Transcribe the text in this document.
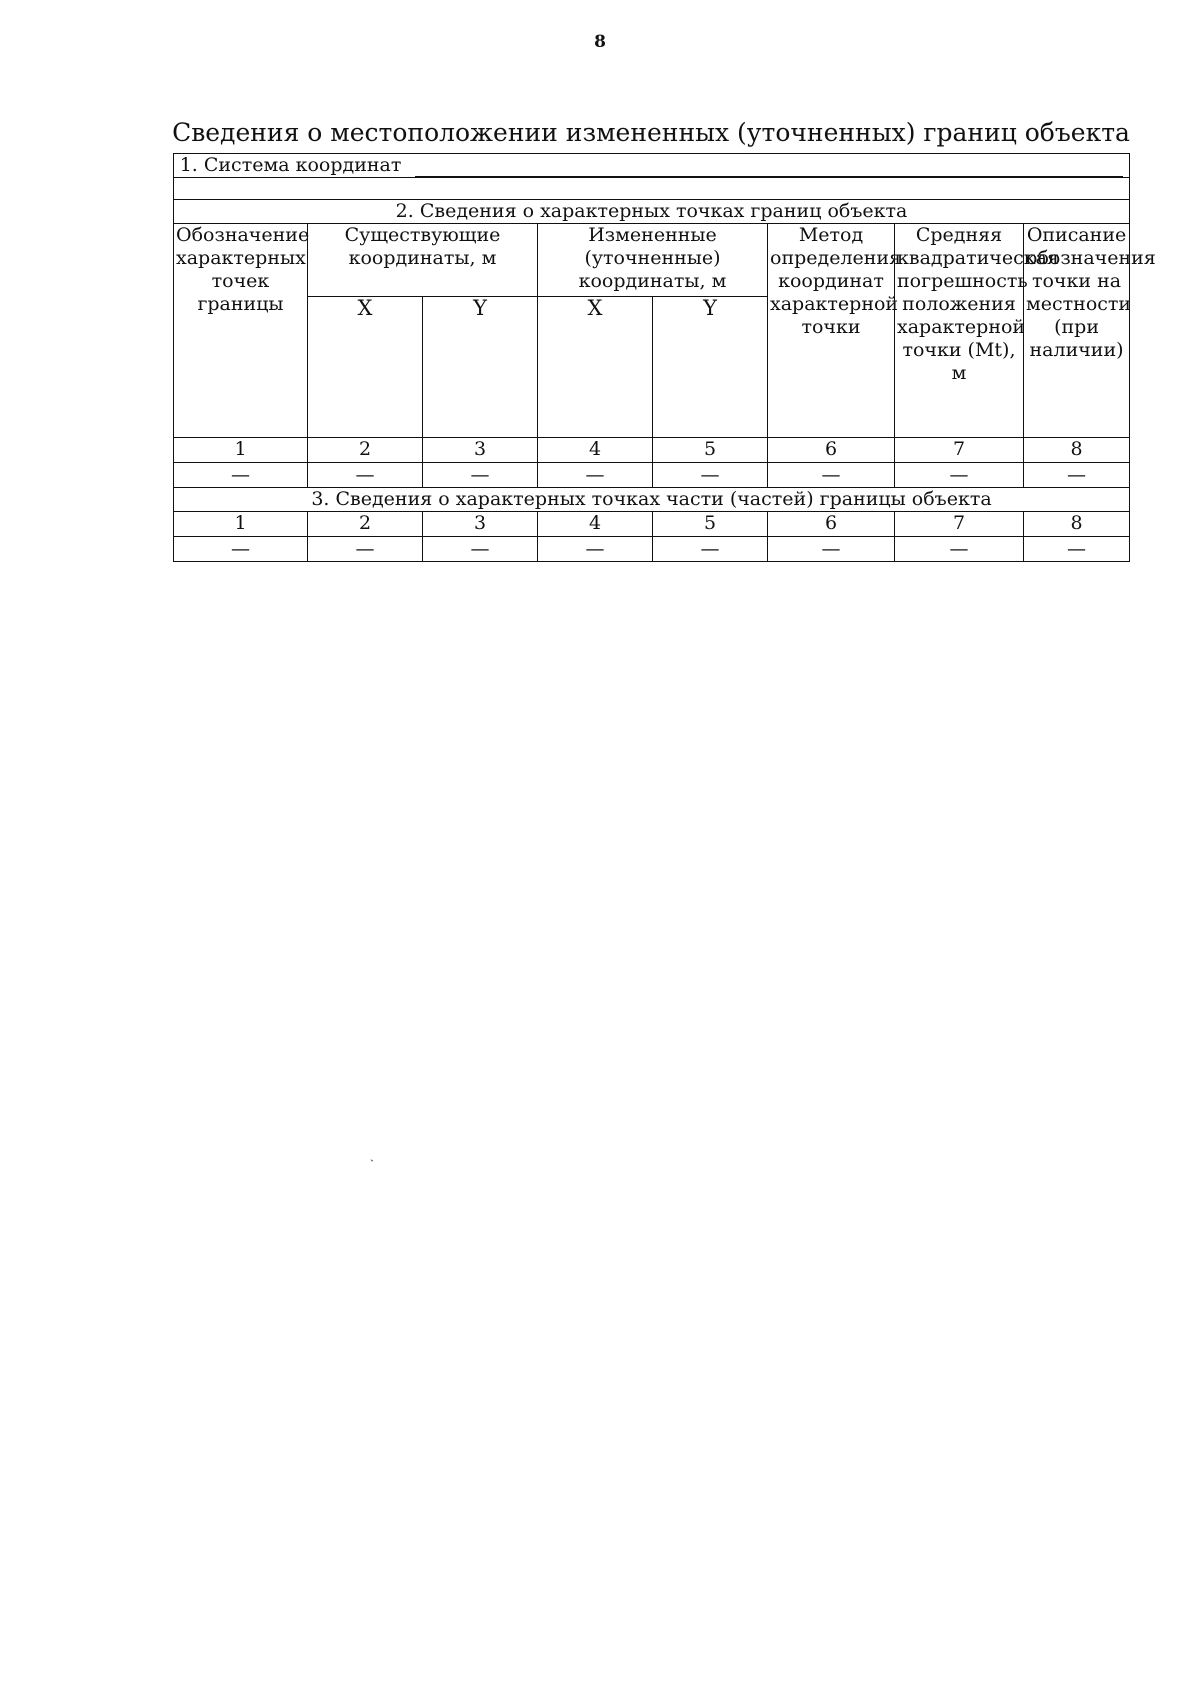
8
Сведения о местоположении измененных (уточненных) границ объекта
1. Система координат							

2. Сведения о характерных точках границ объекта							
Обозначение характерных точек границы	Существующие координаты, м		Измененные (уточненные) координаты, м		Метод определения координат характерной точки	Средняя квадратическая погрешность положения характерной точки (Mt), м	Описание обозначения точки на местности (при наличии)
	X	Y	X	Y			
1	2	3	4	5	6	7	8
—	—	—	—	—	—	—	—
3. Сведения о характерных точках части (частей) границы объекта							
1	2	3	4	5	6	7	8
—	—	—	—	—	—	—	—
ˎ
